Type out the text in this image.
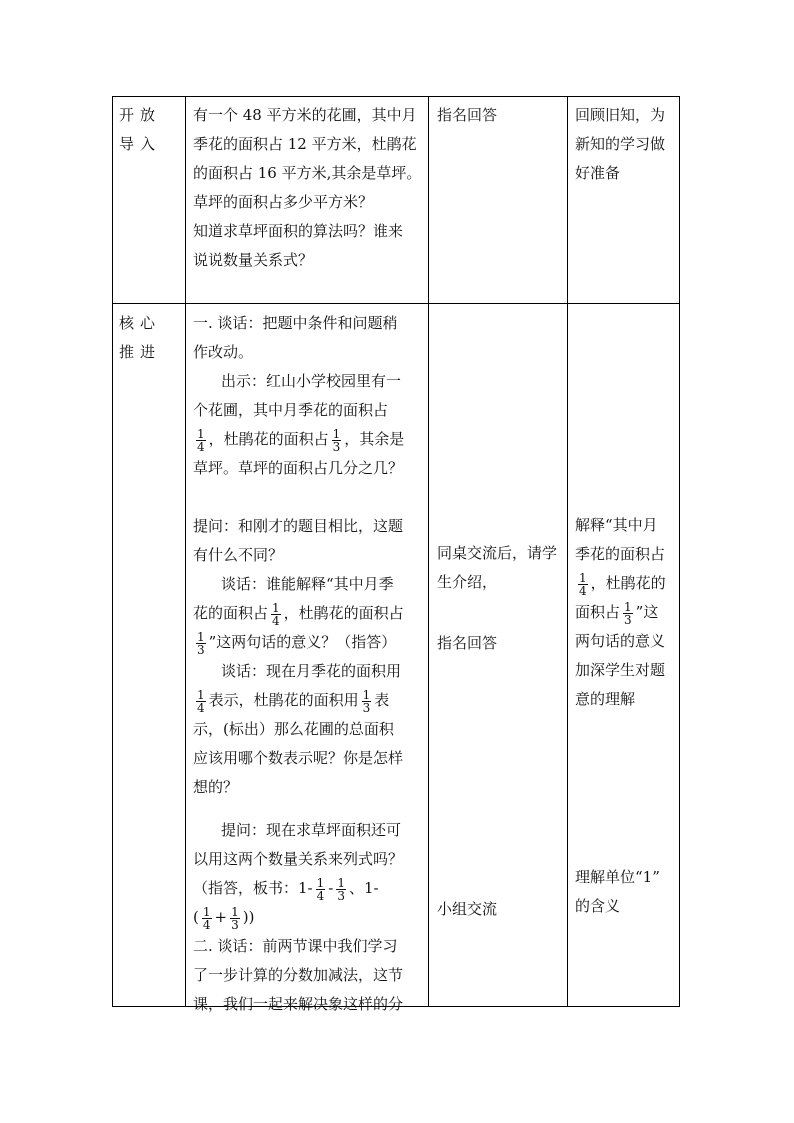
开放导入
有一个 48 平方米的花圃，其中月
季花的面积占 12 平方米，杜鹃花
的面积占 16 平方米,其余是草坪。
草坪的面积占多少平方米？
知道求草坪面积的算法吗？谁来
说说数量关系式？
指名回答	回顾旧知，为
新知的学习做
好准备
核心推进
一. 谈话：把题中条件和问题稍
作改动。
出示：红山小学校园里有一
个花圃，其中月季花的面积占
$\frac{1}{4}$ ，杜鹃花的面积占 $\frac{1}{3}$ ，其余是
草坪。草坪的面积占几分之几？
提问：和刚才的题目相比，这题
有什么不同？
谈话：谁能解释“其中月季
花的面积占 $\frac{1}{4}$ ，杜鹃花的面积占
$\frac{1}{3}$ ”这两句话的意义？（指答）
谈话：现在月季花的面积用
$\frac{1}{4}$ 表示，杜鹃花的面积用 $\frac{1}{3}$ 表
示，(标出）那么花圃的总面积
应该用哪个数表示呢？你是怎样
想的？
提问：现在求草坪面积还可
以用这两个数量关系来列式吗？
（指答，板书：$1- \frac{1}{4} - \frac{1}{3}$ 、1-
( $\frac{1}{4} + \frac{1}{3}$ ))
二. 谈话：前两节课中我们学习
了一步计算的分数加减法，这节
课，我们一起来解决象这样的分
同桌交流后，请学
生介绍，
指名回答
小组交流
解释“其中月
季花的面积占
$\frac{1}{4}$ ，杜鹃花的
面积占 $\frac{1}{3}$ ”这
两句话的意义
加深学生对题
意的理解
理解单位“1”
的含义
